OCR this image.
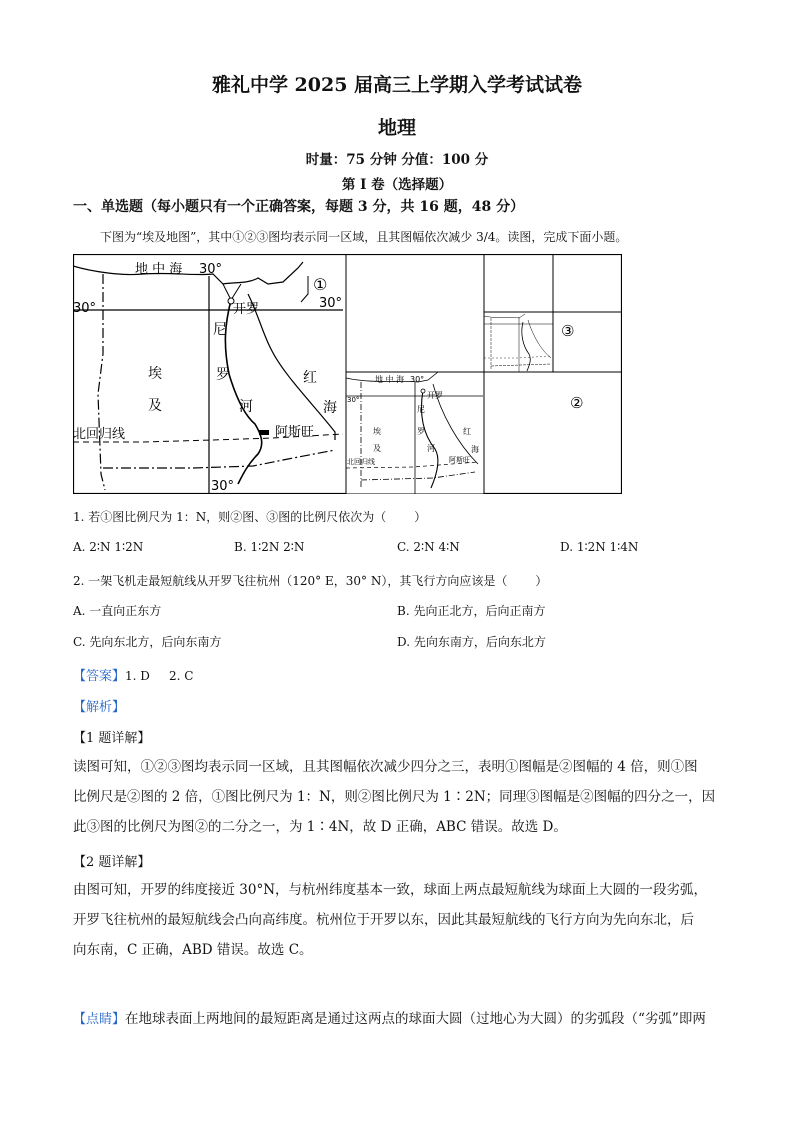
雅礼中学 2025 届高三上学期入学考试试卷
地理
时量：75 分钟 分值：100 分
第 I 卷（选择题）
一、单选题（每小题只有一个正确答案，每题 3 分，共 16 题，48 分）
下图为“埃及地图”，其中①②③图均表示同一区域，且其图幅依次减少 3/4。读图，完成下面小题。
地 中 海 30°
30°	30°
开罗
①
埃
及
尼
罗
河
红
海
阿斯旺
北回归线
30°
地 中 海 30°
30°	开罗
埃
及
尼
罗
河
红
海
阿斯旺
北回归线
②
③
1. 若①图比例尺为 1：N，则②图、③图的比例尺依次为（ ）
A. 2∶N 1∶2N	B. 1∶2N 2∶N	C. 2∶N 4∶N	D. 1∶2N 1∶4N
2. 一架飞机走最短航线从开罗飞往杭州（120° E，30° N），其飞行方向应该是（ ）
A. 一直向正东方	B. 先向正北方，后向正南方
C. 先向东北方，后向东南方	D. 先向东南方，后向东北方
【答案】1. D     2. C
【解析】
【1 题详解】
读图可知，①②③图均表示同一区域，且其图幅依次减少四分之三，表明①图幅是②图幅的 4 倍，则①图
比例尺是②图的 2 倍，①图比例尺为 1：N，则②图比例尺为 1∶2N；同理③图幅是②图幅的四分之一，因
此③图的比例尺为图②的二分之一，为 1∶4N，故 D 正确，ABC 错误。故选 D。
【2 题详解】
由图可知，开罗的纬度接近 30°N，与杭州纬度基本一致，球面上两点最短航线为球面上大圆的一段劣弧，
开罗飞往杭州的最短航线会凸向高纬度。杭州位于开罗以东，因此其最短航线的飞行方向为先向东北，后
向东南，C 正确，ABD 错误。故选 C。
【点睛】在地球表面上两地间的最短距离是通过这两点的球面大圆（过地心为大圆）的劣弧段（“劣弧”即两
